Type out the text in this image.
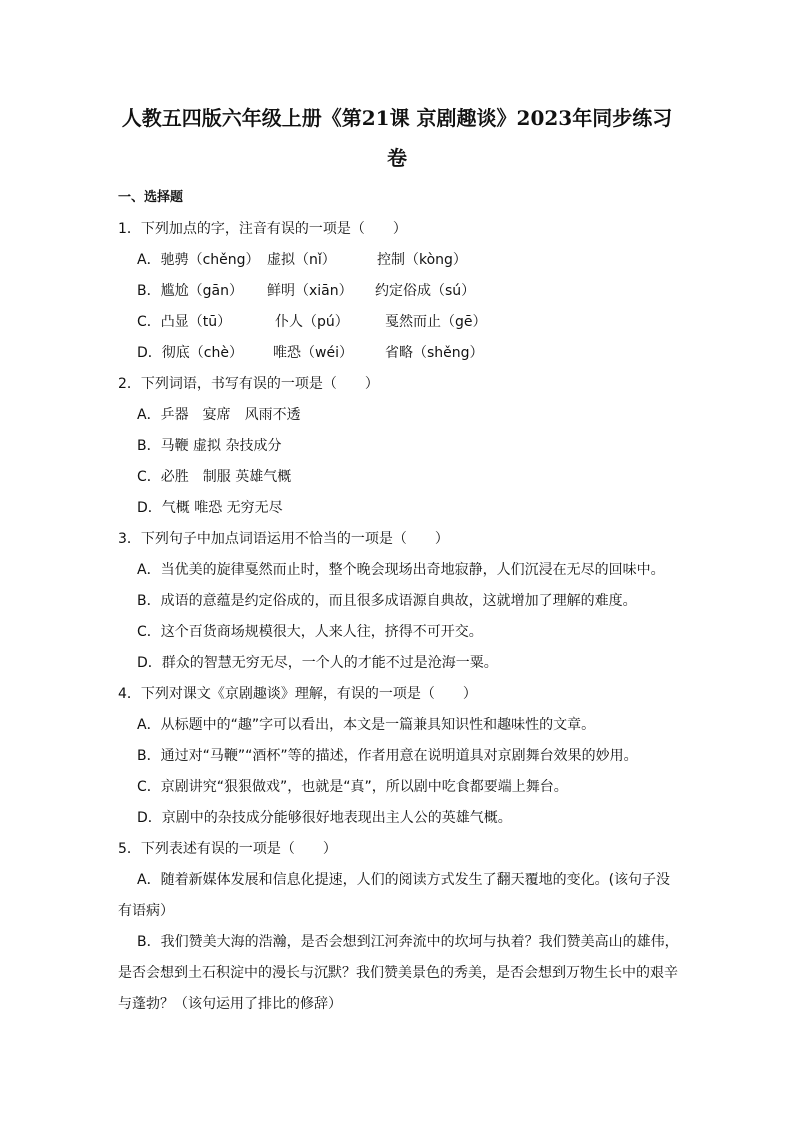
人教五四版六年级上册《第21课 京剧趣谈》2023年同步练习
卷
一、选择题
1．下列加点的字，注音有误的一项是（　　）
A．驰骋（chěng） 虚拟（nǐ）	控制（kòng）
B．尴尬（gān） 鲜明（xiān） 约定俗成（sú）
C．凸显（tū）	仆人（pú）	戛然而止（gē）
D．彻底（chè） 唯恐（wéi） 省略（shěng）
2．下列词语，书写有误的一项是（　　）
A．乒器　宴席　风雨不透
B．马鞭 虚拟 杂技成分
C．必胜　制服 英雄气概
D．气概 唯恐 无穷无尽
3．下列句子中加点词语运用不恰当的一项是（　　）
A．当优美的旋律戛然而止时，整个晚会现场出奇地寂静，人们沉浸在无尽的回味中。
B．成语的意蕴是约定俗成的，而且很多成语源自典故，这就增加了理解的难度。
C．这个百货商场规模很大，人来人往，挤得不可开交。
D．群众的智慧无穷无尽，一个人的才能不过是沧海一粟。
4．下列对课文《京剧趣谈》理解，有误的一项是（　　）
A．从标题中的“趣”字可以看出，本文是一篇兼具知识性和趣味性的文章。
B．通过对“马鞭”“酒杯”等的描述，作者用意在说明道具对京剧舞台效果的妙用。
C．京剧讲究“狠狠做戏”，也就是“真”，所以剧中吃食都要端上舞台。
D．京剧中的杂技成分能够很好地表现出主人公的英雄气概。
5．下列表述有误的一项是（　　）
A．随着新媒体发展和信息化提速，人们的阅读方式发生了翻天覆地的变化。(该句子没
有语病）
B．我们赞美大海的浩瀚，是否会想到江河奔流中的坎坷与执着？我们赞美高山的雄伟，
是否会想到土石积淀中的漫长与沉默？我们赞美景色的秀美，是否会想到万物生长中的艰辛
与蓬勃？（该句运用了排比的修辞）
